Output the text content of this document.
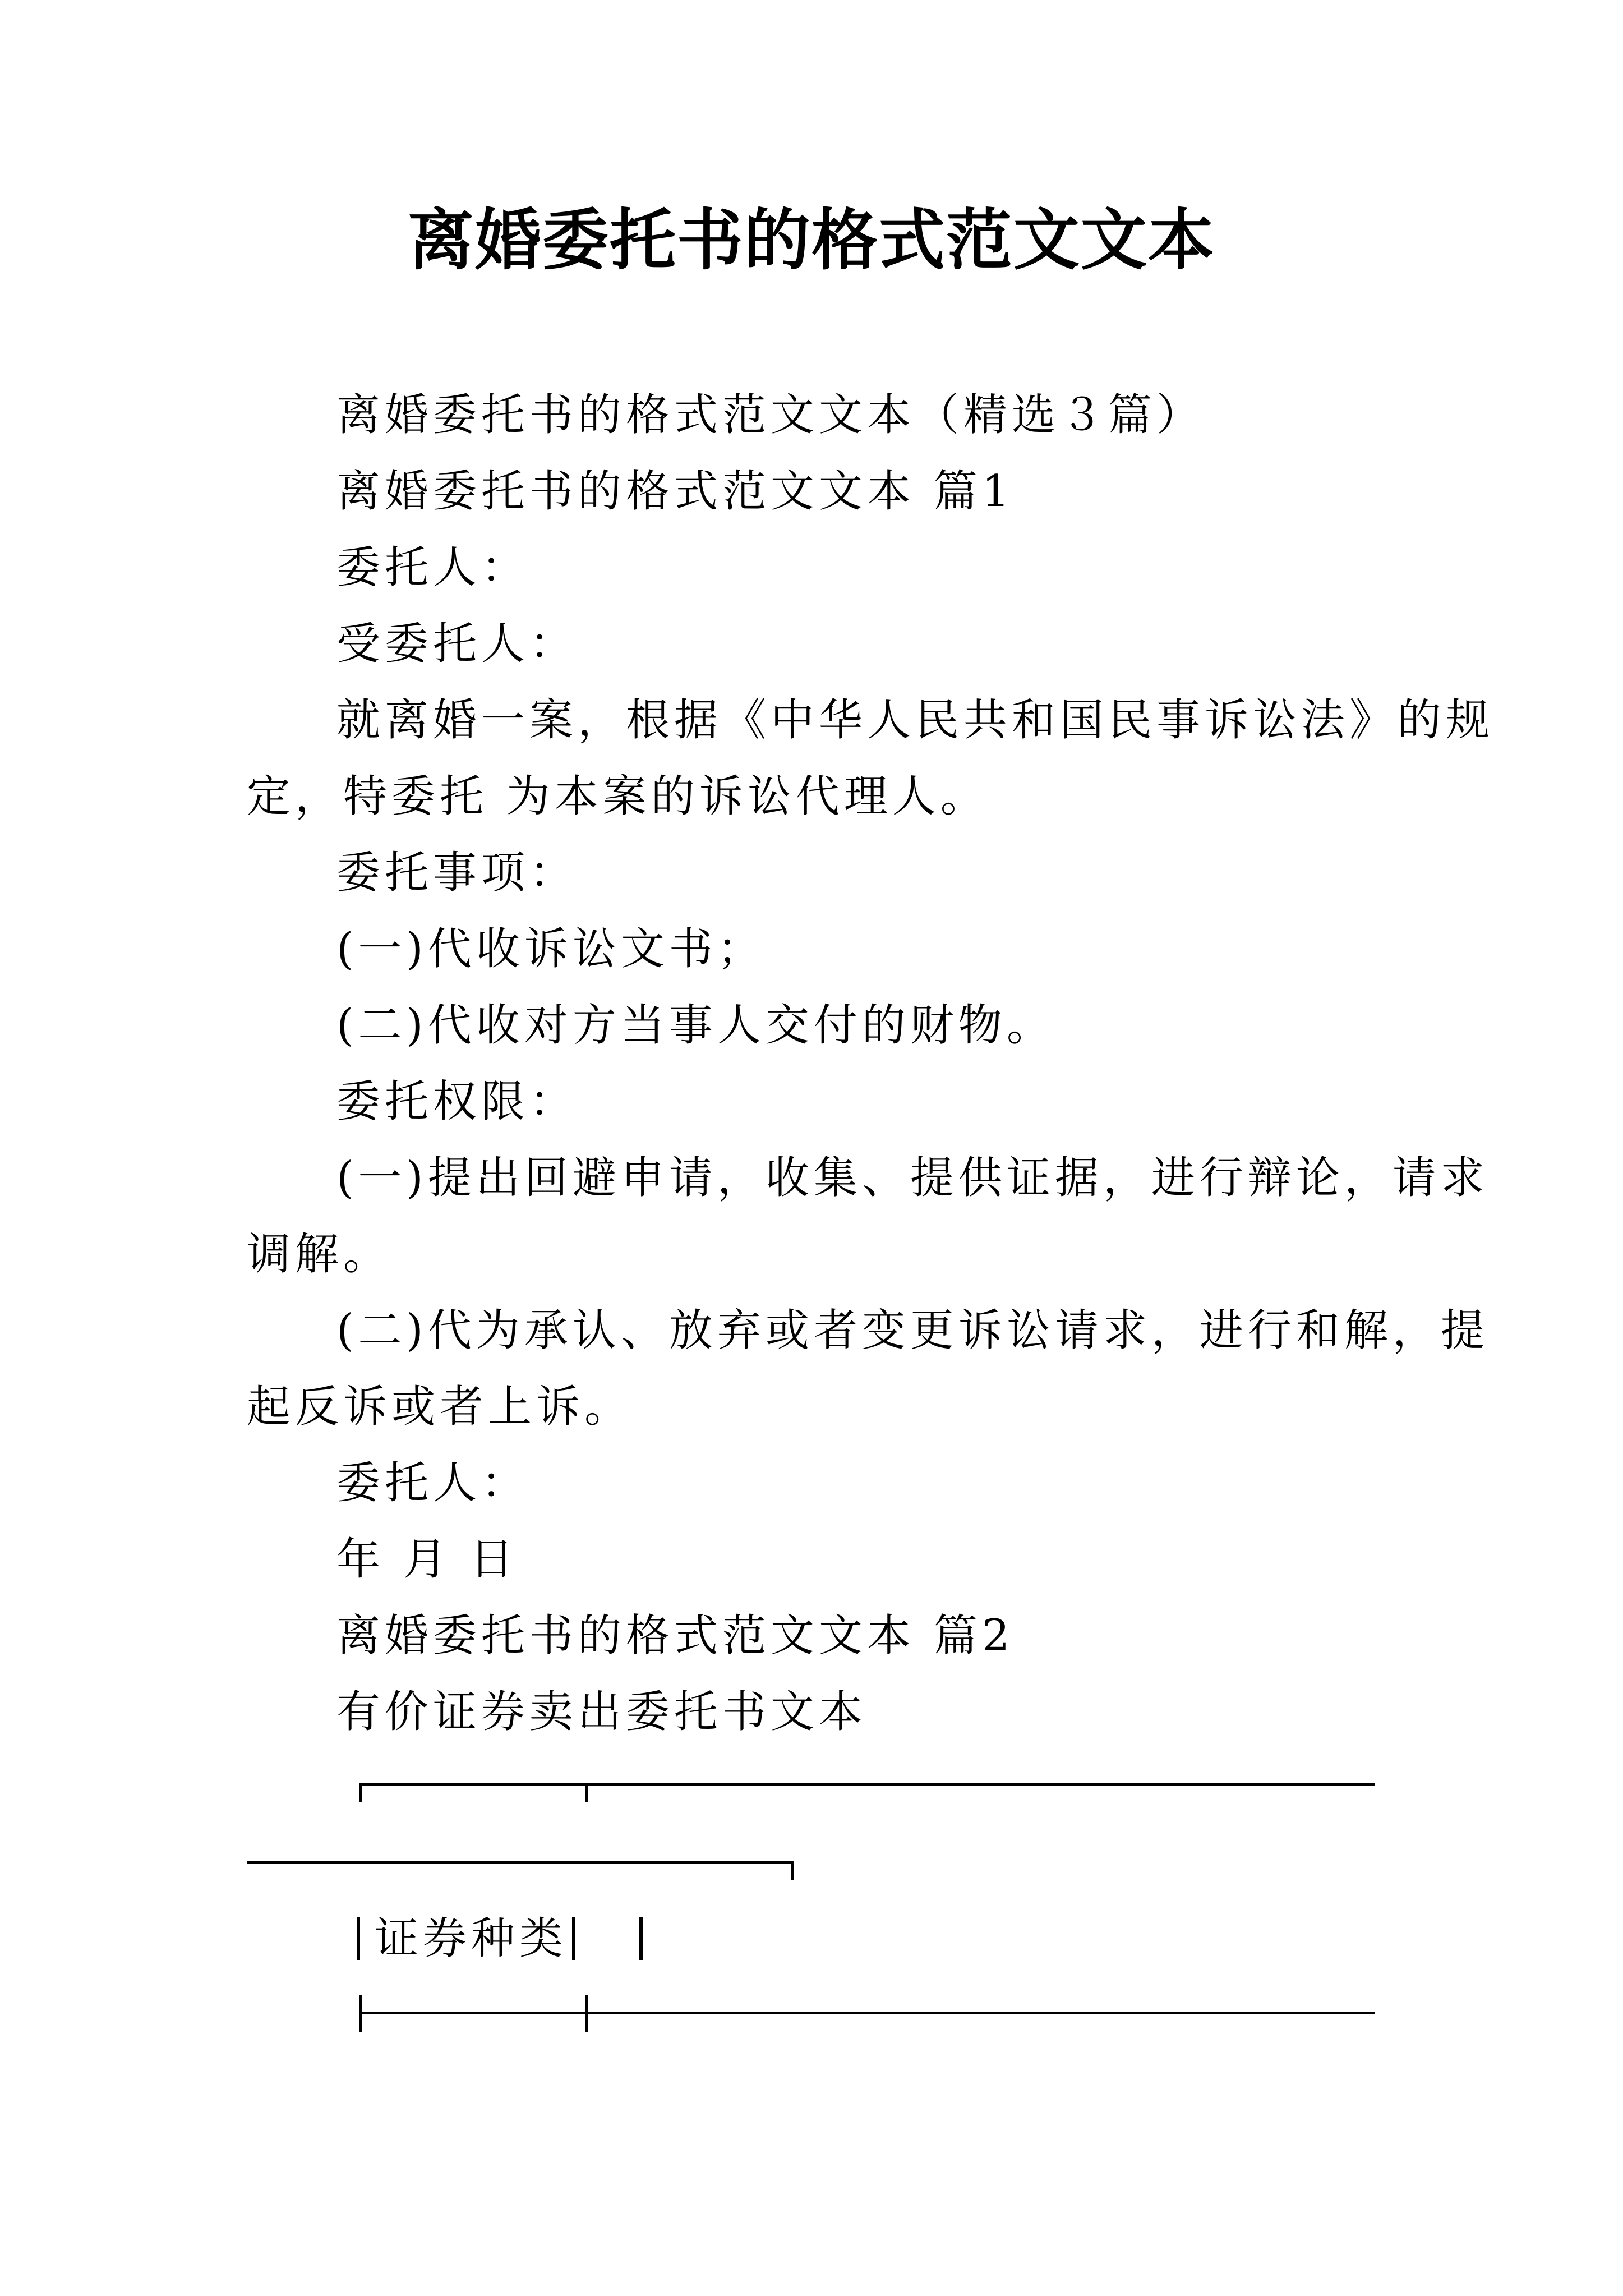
离婚委托书的格式范文文本
离婚委托书的格式范文文本（精选３篇）
离婚委托书的格式范文文本 篇1
委托人：
受委托人：
就离婚一案，根据《中华人民共和国民事诉讼法》的规
定，特委托 为本案的诉讼代理人。
委托事项：
(一)代收诉讼文书；
(二)代收对方当事人交付的财物。
委托权限：
(一)提出回避申请，收集、提供证据，进行辩论，请求
调解。
(二)代为承认、放弃或者变更诉讼请求，进行和解，提
起反诉或者上诉。
委托人：
年 月 日
离婚委托书的格式范文文本 篇2
有价证券卖出委托书文本
证券种类
